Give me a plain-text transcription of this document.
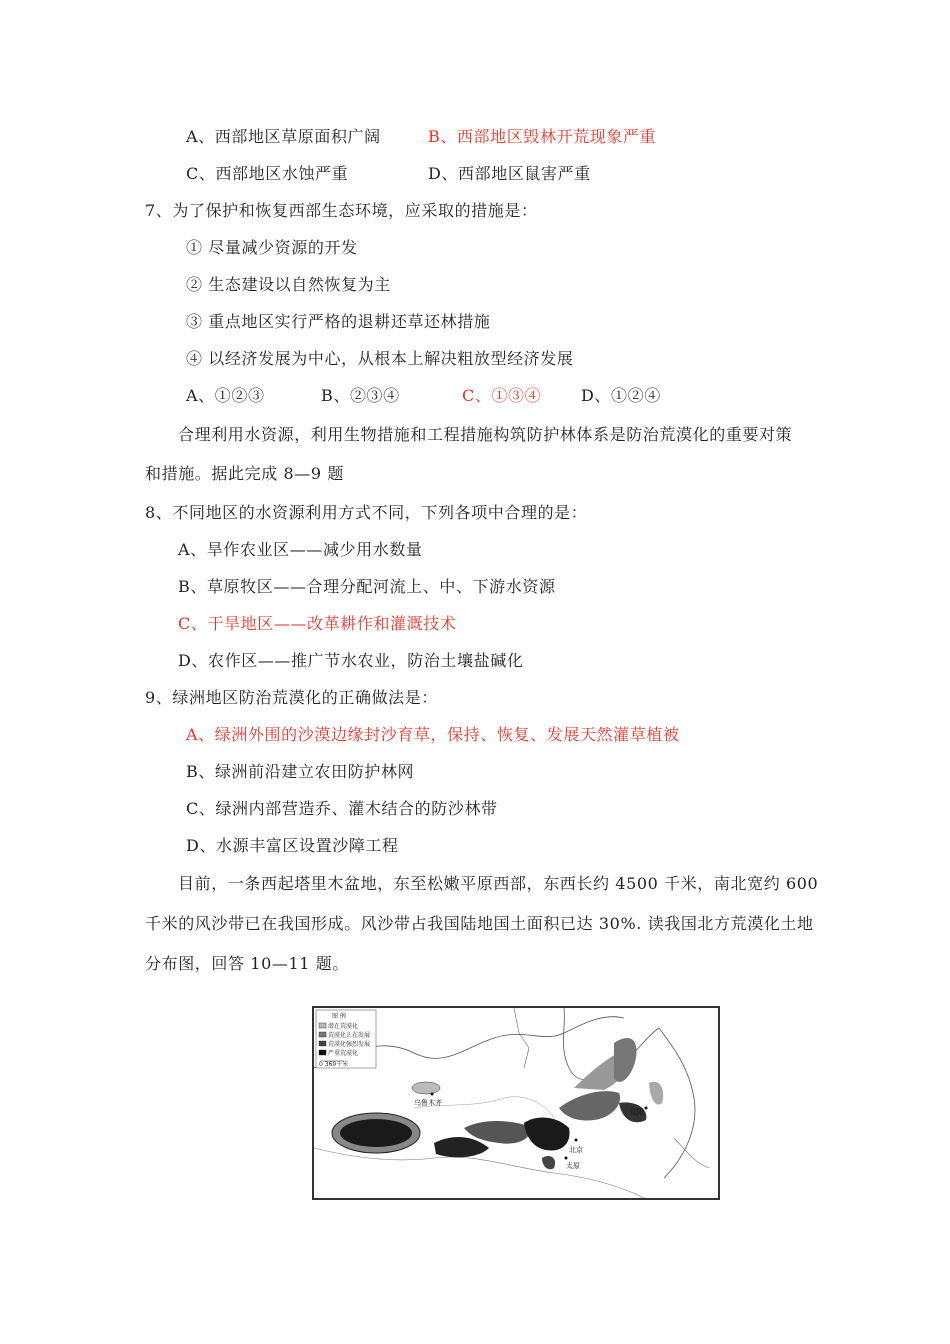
A、西部地区草原面积广阔	B、西部地区毁林开荒现象严重
C、西部地区水蚀严重	D、西部地区鼠害严重
7、为了保护和恢复西部生态环境，应采取的措施是：
① 尽量减少资源的开发
② 生态建设以自然恢复为主
③ 重点地区实行严格的退耕还草还林措施
④ 以经济发展为中心，从根本上解决粗放型经济发展
A、①②③	B、②③④	C、①③④ D、①②④
合理利用水资源，利用生物措施和工程措施构筑防护林体系是防治荒漠化的重要对策
和措施。据此完成 8—9 题
8、不同地区的水资源利用方式不同，下列各项中合理的是：
A、旱作农业区——减少用水数量
B、草原牧区——合理分配河流上、中、下游水资源
C、干旱地区——改革耕作和灌溉技术
D、农作区——推广节水农业，防治土壤盐碱化
9、绿洲地区防治荒漠化的正确做法是：
A、绿洲外围的沙漠边缘封沙育草，保持、恢复、发展天然灌草植被
B、绿洲前沿建立农田防护林网
C、绿洲内部营造乔、灌木结合的防沙林带
D、水源丰富区设置沙障工程
目前，一条西起塔里木盆地，东至松嫩平原西部，东西长约 4500 千米，南北宽约 600
千米的风沙带已在我国形成。风沙带占我国陆地国土面积已达 30%. 读我国北方荒漠化土地
分布图，回答 10—11 题。
图 例
潜在荒漠化
荒漠化正在发展
荒漠化强烈发展
严重荒漠化
0 360千米
乌鲁木齐
北京
太原
沈阳
